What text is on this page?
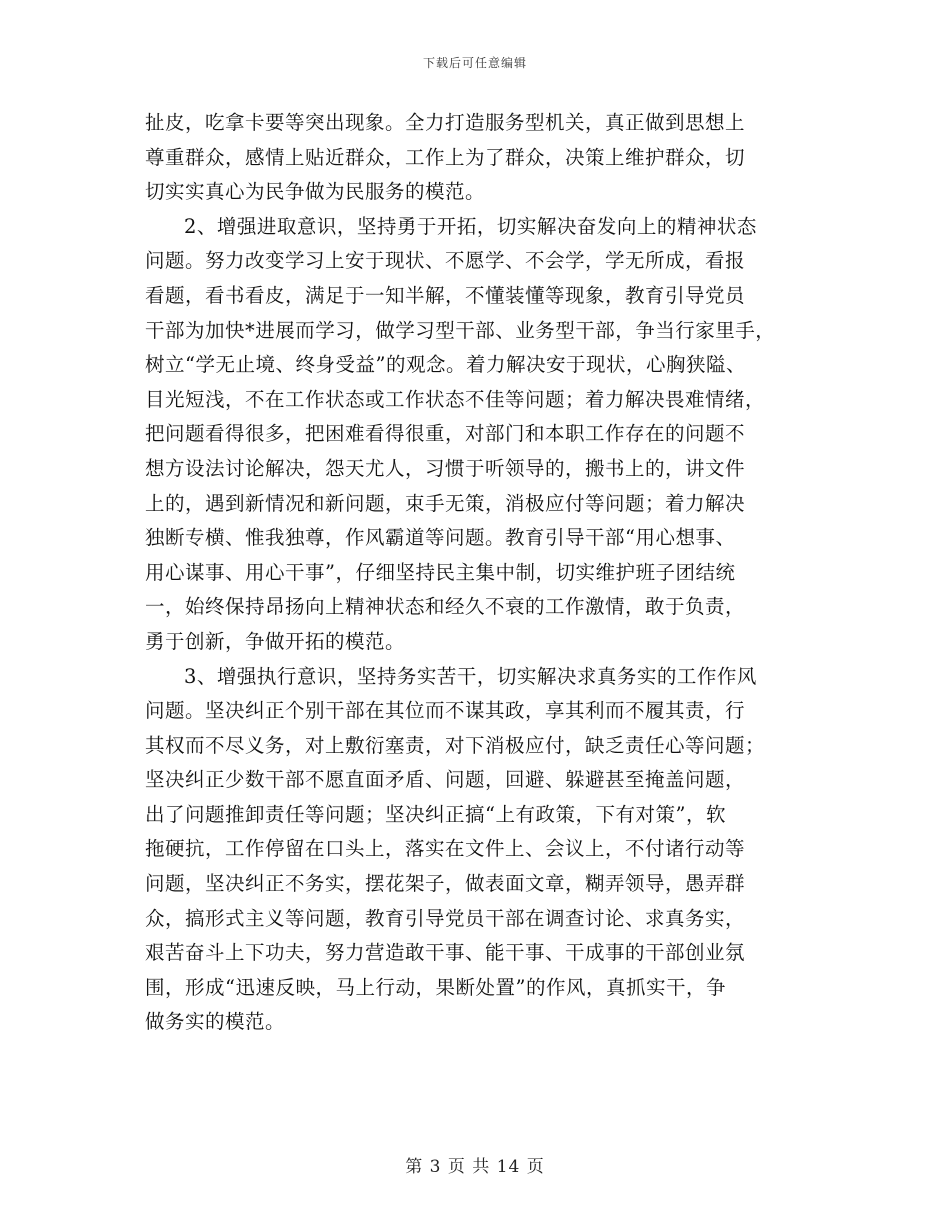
下载后可任意编辑
扯皮，吃拿卡要等突出现象。全力打造服务型机关，真正做到思想上
尊重群众，感情上贴近群众，工作上为了群众，决策上维护群众，切
切实实真心为民争做为民服务的模范。
2、增强进取意识，坚持勇于开拓，切实解决奋发向上的精神状态
问题。努力改变学习上安于现状、不愿学、不会学，学无所成，看报
看题，看书看皮，满足于一知半解，不懂装懂等现象，教育引导党员
干部为加快*进展而学习，做学习型干部、业务型干部，争当行家里手，
树立“学无止境、终身受益”的观念。着力解决安于现状，心胸狭隘、
目光短浅，不在工作状态或工作状态不佳等问题；着力解决畏难情绪，
把问题看得很多，把困难看得很重，对部门和本职工作存在的问题不
想方设法讨论解决，怨天尤人，习惯于听领导的，搬书上的，讲文件
上的，遇到新情况和新问题，束手无策，消极应付等问题；着力解决
独断专横、惟我独尊，作风霸道等问题。教育引导干部“用心想事、
用心谋事、用心干事”，仔细坚持民主集中制，切实维护班子团结统
一，始终保持昂扬向上精神状态和经久不衰的工作激情，敢于负责，
勇于创新，争做开拓的模范。
3、增强执行意识，坚持务实苦干，切实解决求真务实的工作作风
问题。坚决纠正个别干部在其位而不谋其政，享其利而不履其责，行
其权而不尽义务，对上敷衍塞责，对下消极应付，缺乏责任心等问题；
坚决纠正少数干部不愿直面矛盾、问题，回避、躲避甚至掩盖问题，
出了问题推卸责任等问题；坚决纠正搞“上有政策，下有对策”，软
拖硬抗，工作停留在口头上，落实在文件上、会议上，不付诸行动等
问题，坚决纠正不务实，摆花架子，做表面文章，糊弄领导，愚弄群
众，搞形式主义等问题，教育引导党员干部在调查讨论、求真务实，
艰苦奋斗上下功夫，努力营造敢干事、能干事、干成事的干部创业氛
围，形成“迅速反映，马上行动，果断处置”的作风，真抓实干，争
做务实的模范。
第 3 页 共 14 页
